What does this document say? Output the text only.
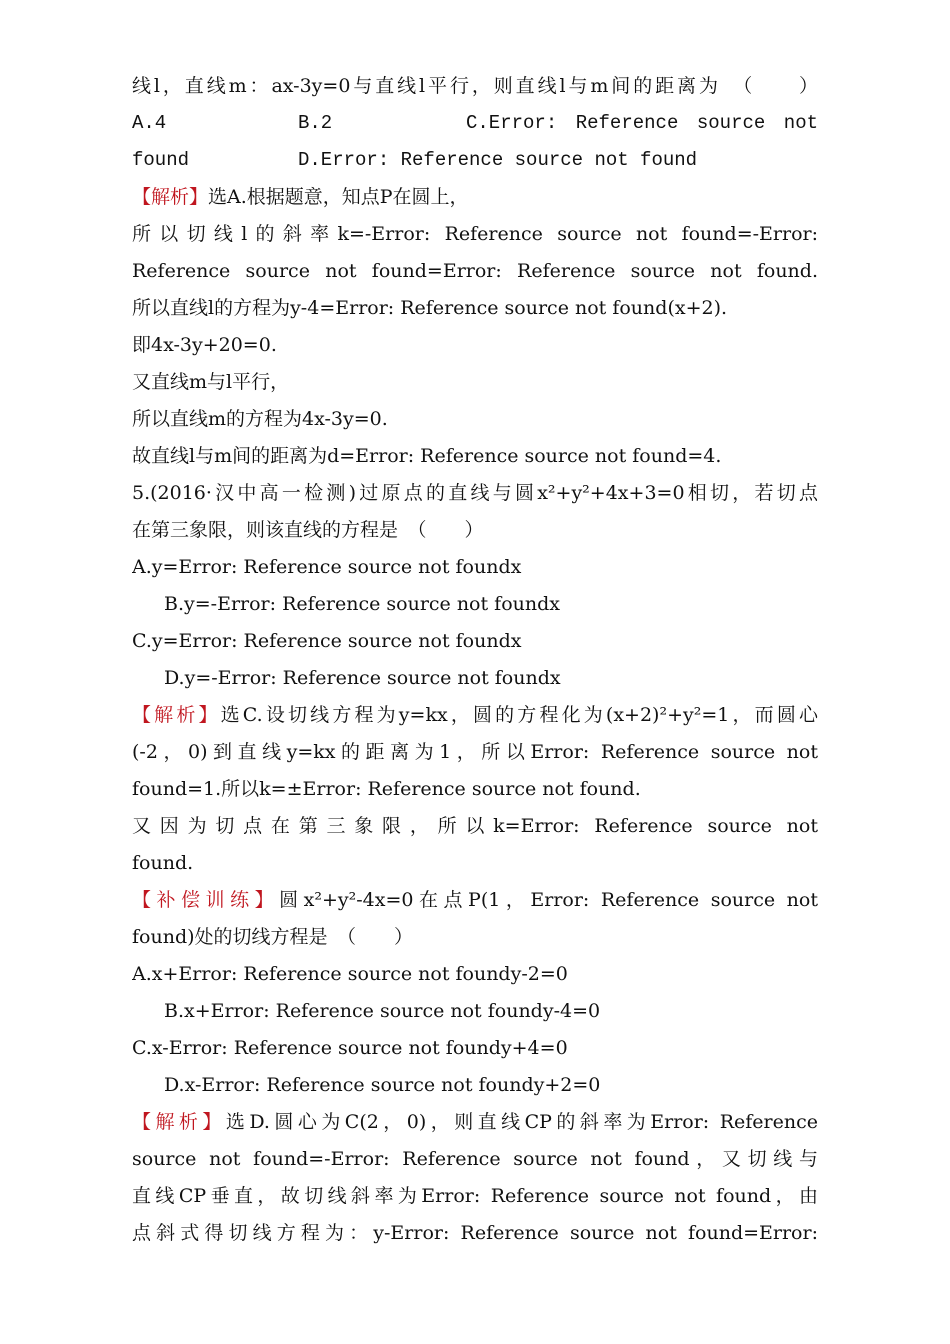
线l，直线m：ax-3y=0与直线l平行，则直线l与m间的距离为　（　　）
A.4	B.2	C.Error: Reference source not
found	D.Error: Reference source not found
【解析】选A.根据题意，知点P在圆上，
所以切线l的斜率k=-Error: Reference source not found=-Error:
Reference source not found=Error: Reference source not found.
所以直线l的方程为y-4=Error: Reference source not found(x+2).
即4x-3y+20=0.
又直线m与l平行，
所以直线m的方程为4x-3y=0.
故直线l与m间的距离为d=Error: Reference source not found=4.
5.(2016·汉中高一检测)过原点的直线与圆x²+y²+4x+3=0相切，若切点
在第三象限，则该直线的方程是　（　　）
A.y=Error: Reference source not foundx
B.y=-Error: Reference source not foundx
C.y=Error: Reference source not foundx
D.y=-Error: Reference source not foundx
【解析】选C.设切线方程为y=kx，圆的方程化为(x+2)²+y²=1，而圆心
(-2，0)到直线y=kx的距离为1，所以Error: Reference source not
found=1.所以k=±Error: Reference source not found.
又因为切点在第三象限，所以k=Error: Reference source not
found.
【补偿训练】圆x²+y²-4x=0在点P(1，Error: Reference source not
found)处的切线方程是　（　　）
A.x+Error: Reference source not foundy-2=0
B.x+Error: Reference source not foundy-4=0
C.x-Error: Reference source not foundy+4=0
D.x-Error: Reference source not foundy+2=0
【解析】选D.圆心为C(2，0)，则直线CP的斜率为Error: Reference
source not found=-Error: Reference source not found，又切线与
直线CP垂直，故切线斜率为Error: Reference source not found，由
点斜式得切线方程为：y-Error: Reference source not found=Error:
